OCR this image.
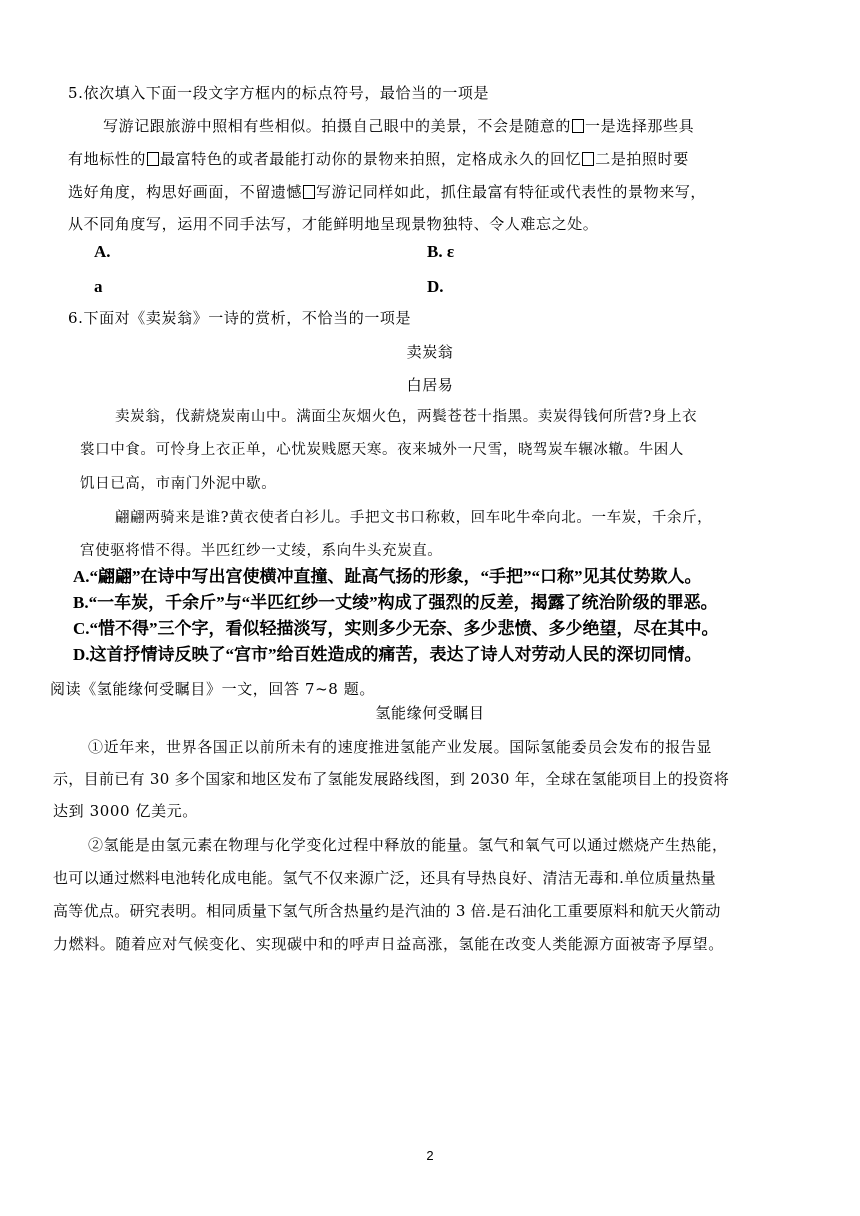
5.依次填入下面一段文字方框内的标点符号，最恰当的一项是
写游记跟旅游中照相有些相似。拍摄自己眼中的美景，不会是随意的 一是选择那些具
有地标性的 最富特色的或者最能打动你的景物来拍照，定格成永久的回忆 二是拍照时要
选好角度，构思好画面，不留遗憾 写游记同样如此，抓住最富有特征或代表性的景物来写，
从不同角度写，运用不同手法写，才能鲜明地呈现景物独特、令人难忘之处。
A.	B. ε
a	D.
6.下面对《卖炭翁》一诗的赏析，不恰当的一项是
卖炭翁
白居易
卖炭翁，伐薪烧炭南山中。满面尘灰烟火色，两鬓苍苍十指黑。卖炭得钱何所营?身上衣
裳口中食。可怜身上衣正单，心忧炭贱愿天寒。夜来城外一尺雪，晓驾炭车辗冰辙。牛困人
饥日已高，市南门外泥中歇。
翩翩两骑来是谁?黄衣使者白衫儿。手把文书口称敕，回车叱牛牵向北。一车炭，千余斤，
宫使驱将惜不得。半匹红纱一丈绫，系向牛头充炭直。
A.“翩翩”在诗中写出宫使横冲直撞、趾高气扬的形象，“手把”“口称”见其仗势欺人。
B.“一车炭，千余斤”与“半匹红纱一丈绫”构成了强烈的反差，揭露了统治阶级的罪恶。
C.“惜不得”三个字，看似轻描淡写，实则多少无奈、多少悲愤、多少绝望，尽在其中。
D.这首抒情诗反映了“宫市”给百姓造成的痛苦，表达了诗人对劳动人民的深切同情。
阅读《氢能缘何受瞩目》一文，回答 7~8 题。
氢能缘何受瞩目
①近年来，世界各国正以前所未有的速度推进氢能产业发展。国际氢能委员会发布的报告显
示，目前已有 30 多个国家和地区发布了氢能发展路线图，到 2030 年，全球在氢能项目上的投资将
达到 3000 亿美元。
②氢能是由氢元素在物理与化学变化过程中释放的能量。氢气和氧气可以通过燃烧产生热能，
也可以通过燃料电池转化成电能。氢气不仅来源广泛，还具有导热良好、清洁无毒和.单位质量热量
高等优点。研究表明。相同质量下氢气所含热量约是汽油的 3 倍.是石油化工重要原料和航天火箭动
力燃料。随着应对气候变化、实现碳中和的呼声日益高涨，氢能在改变人类能源方面被寄予厚望。
2
